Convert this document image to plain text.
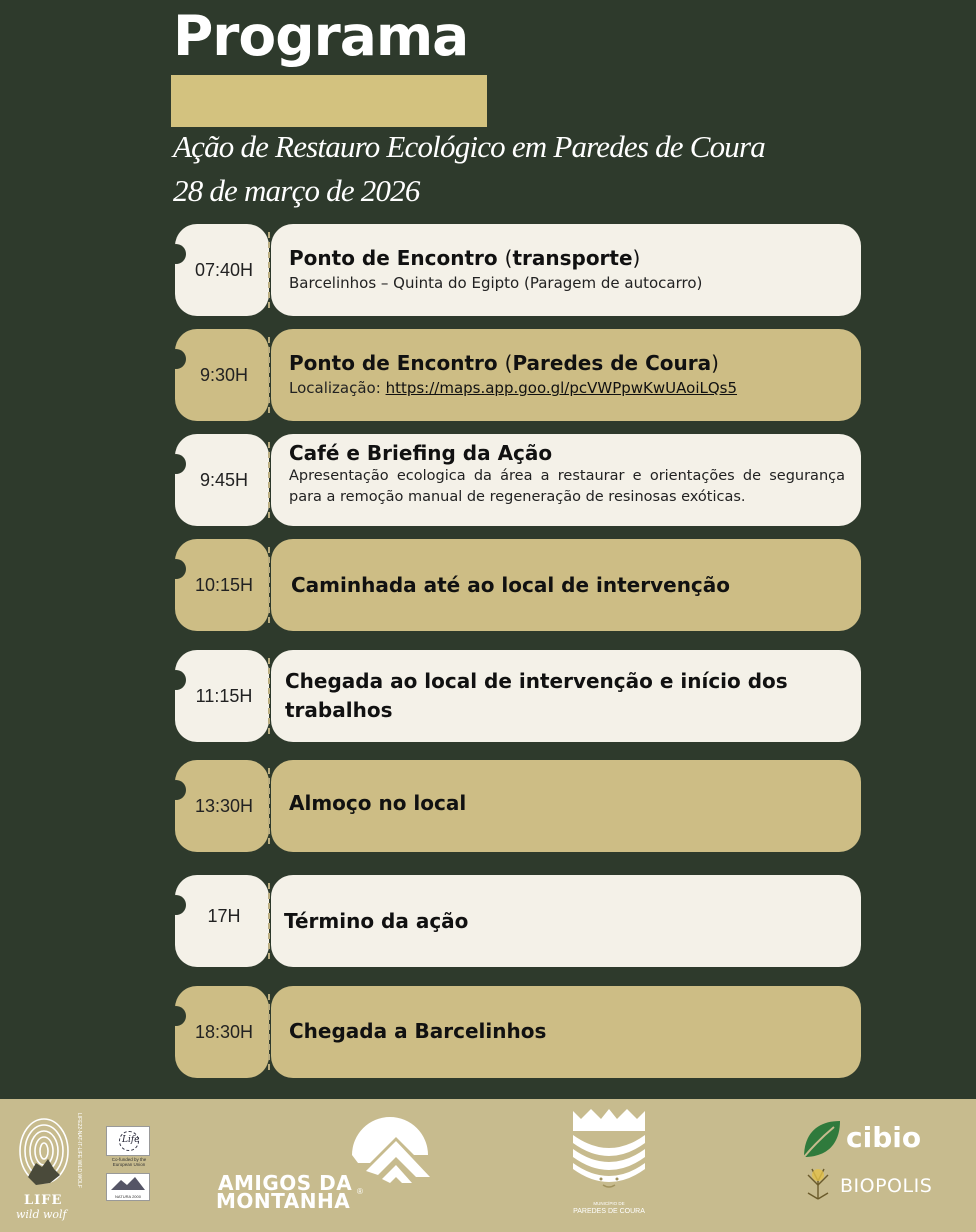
Programa
Ação de Restauro Ecológico em Paredes de Coura
28 de março de 2026
07:40H Ponto de Encontro (transporte)
Barcelinhos – Quinta do Egipto (Paragem de autocarro)
9:30H Ponto de Encontro (Paredes de Coura)
Localização: https://maps.app.goo.gl/pcVWPpwKwUAoiLQs5
9:45H
Café e Briefing da Ação
Apresentação ecologica da área a restaurar e orientações de segurança para a remoção manual de regeneração de resinosas exóticas.
10:15H Caminhada até ao local de intervenção
11:15H
Chegada ao local de intervenção e início dos trabalhos
13:30H Almoço no local
17H Término da ação
18:30H Chegada a Barcelinhos
LIFE
wild wolf
LIFE22-NAT-IT-LIFE WILD WOLF	Life
Co-funded by the European Union
NATURA 2000
AMIGOS DA
MONTANHA ®
MUNICÍPIO DE
PAREDES DE COURA
cibio
BIOPOLIS
